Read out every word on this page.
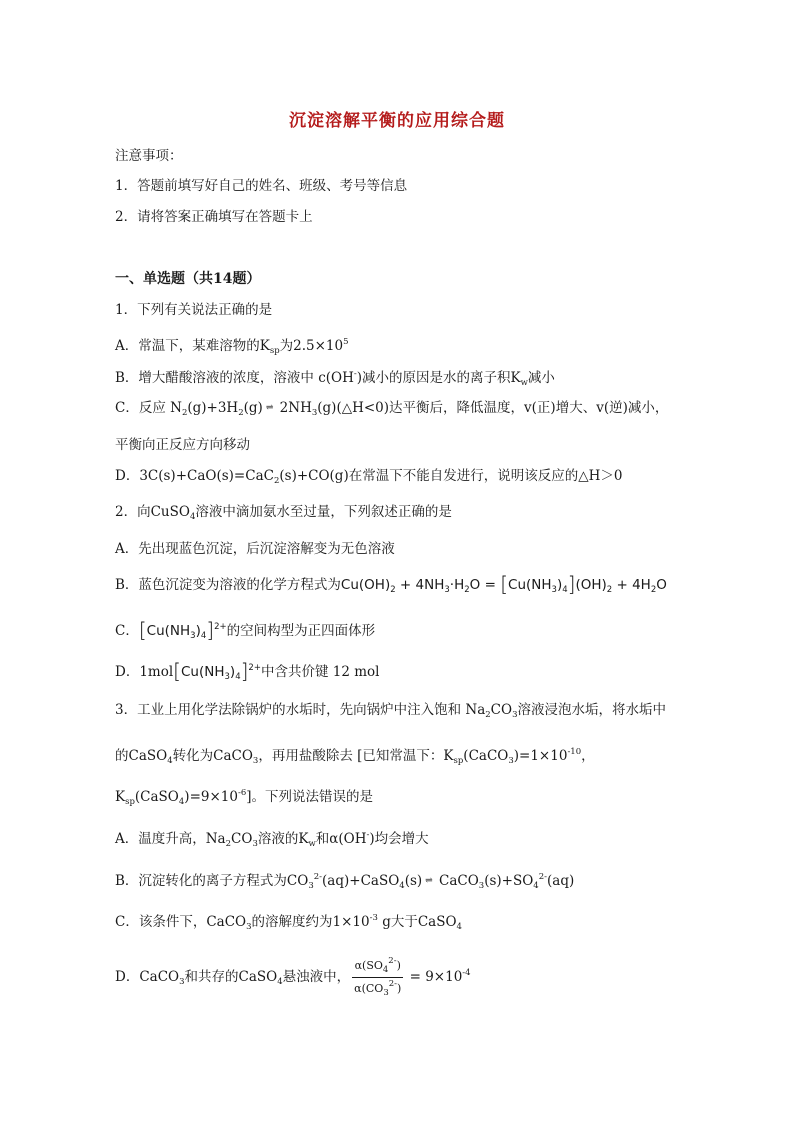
沉淀溶解平衡的应用综合题
注意事项：
1．答题前填写好自己的姓名、班级、考号等信息
2．请将答案正确填写在答题卡上
一、单选题（共14题）
1．下列有关说法正确的是
A．常温下，某难溶物的$K_{sp}$为$2.5\times 10^5$
B．增大醋酸溶液的浓度，溶液中 c(OH-)减小的原因是水的离子积$K_w$减小
C．反应 $N_2(g)+3H_2(g)$ ⇌ $2NH_3(g)(\triangle H<0)$达平衡后，降低温度，v(正)增大、v(逆)减小，
平衡向正反应方向移动
D．3C(s)+CaO(s)=CaC$_2$(s)+CO(g)在常温下不能自发进行，说明该反应的△H＞0
2．向CuSO$_4$溶液中滴加氨水至过量，下列叙述正确的是
A．先出现蓝色沉淀，后沉淀溶解变为无色溶液
B．蓝色沉淀变为溶液的化学方程式为$Cu(OH)_2 + 4NH_3\cdot H_2O = [Cu(NH_3)_4](OH)_2 + 4H_2O$
C．$[Cu(NH_3)_4]^{2+}$的空间构型为正四面体形
D．$1mol[Cu(NH_3)_4]^{2+}$中含共价键 12 mol
3．工业上用化学法除锅炉的水垢时，先向锅炉中注入饱和 $Na_2CO_3$溶液浸泡水垢，将水垢中
的CaSO$_4$转化为CaCO$_3$，再用盐酸除去 [已知常温下：$K_{sp}(CaCO_3)=1\times 10^{-10}$，
$K_{sp}(CaSO_4)=9\times 10^{-6}$]。下列说法错误的是
A．温度升高，$Na_2CO_3$溶液的$K_w$和α(OH-)均会增大
B．沉淀转化的离子方程式为$CO_3^{2-}(aq)+CaSO_4(s)$ ⇌ $CaCO_3(s)+SO_4^{2-}(aq)$
C．该条件下，CaCO$_3$的溶解度约为$1\times 10^{-3}$ g大于CaSO$_4$
D．CaCO$_3$和共存的CaSO$_4$悬浊液中， $\frac{\alpha(SO_4^{2-})}{\alpha(CO_3^{2-})} = 9\times 10^{-4}$
